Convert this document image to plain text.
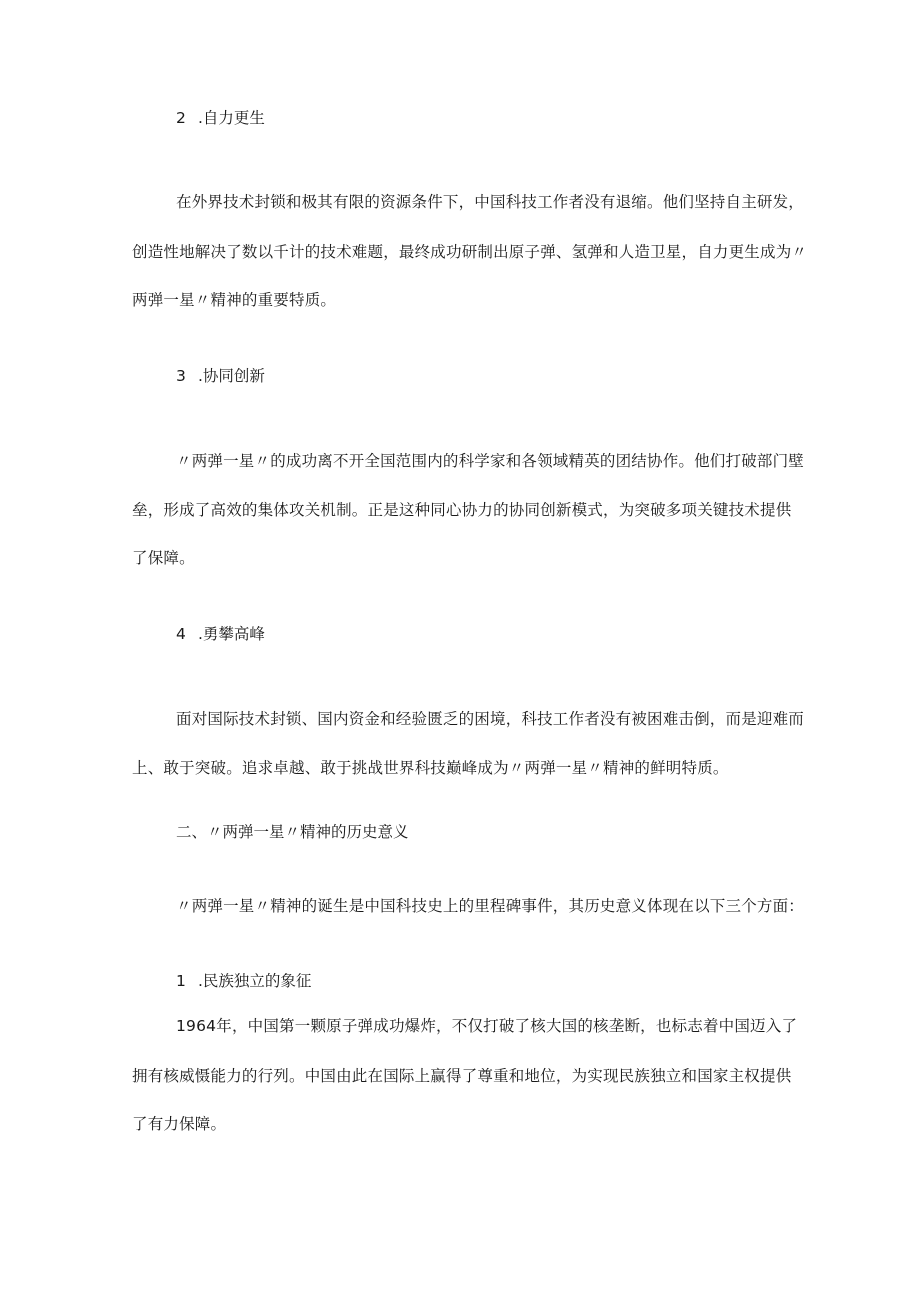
2 .自力更生
在外界技术封锁和极其有限的资源条件下，中国科技工作者没有退缩。他们坚持自主研发，
创造性地解决了数以千计的技术难题，最终成功研制出原子弹、氢弹和人造卫星，自力更生成为〃
两弹一星〃精神的重要特质。
3 .协同创新
〃两弹一星〃的成功离不开全国范围内的科学家和各领域精英的团结协作。他们打破部门壁
垒，形成了高效的集体攻关机制。正是这种同心协力的协同创新模式，为突破多项关键技术提供
了保障。
4 .勇攀高峰
面对国际技术封锁、国内资金和经验匮乏的困境，科技工作者没有被困难击倒，而是迎难而
上、敢于突破。追求卓越、敢于挑战世界科技巅峰成为〃两弹一星〃精神的鲜明特质。
二、〃两弹一星〃精神的历史意义
〃两弹一星〃精神的诞生是中国科技史上的里程碑事件，其历史意义体现在以下三个方面：
1 .民族独立的象征
1964年，中国第一颗原子弹成功爆炸，不仅打破了核大国的核垄断，也标志着中国迈入了
拥有核威慑能力的行列。中国由此在国际上赢得了尊重和地位，为实现民族独立和国家主权提供
了有力保障。
